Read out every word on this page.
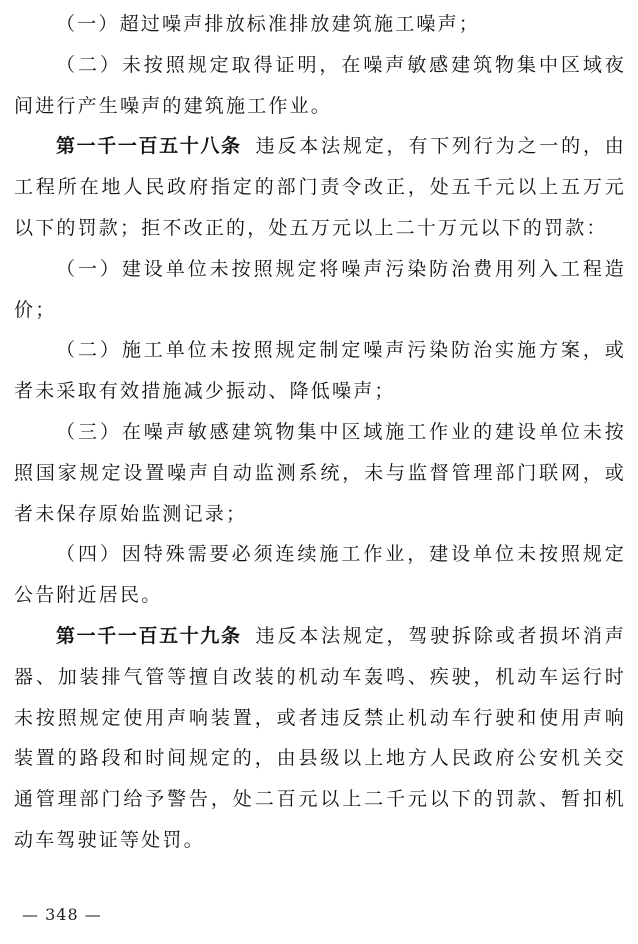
（一）超过噪声排放标准排放建筑施工噪声；

（二）未按照规定取得证明，在噪声敏感建筑物集中区域夜间进行产生噪声的建筑施工作业。

第一千一百五十八条 违反本法规定，有下列行为之一的，由工程所在地人民政府指定的部门责令改正，处五千元以上五万元以下的罚款；拒不改正的，处五万元以上二十万元以下的罚款：

（一）建设单位未按照规定将噪声污染防治费用列入工程造价；

（二）施工单位未按照规定制定噪声污染防治实施方案，或者未采取有效措施减少振动、降低噪声；

（三）在噪声敏感建筑物集中区域施工作业的建设单位未按照国家规定设置噪声自动监测系统，未与监督管理部门联网，或者未保存原始监测记录；

（四）因特殊需要必须连续施工作业，建设单位未按照规定公告附近居民。

第一千一百五十九条 违反本法规定，驾驶拆除或者损坏消声器、加装排气管等擅自改装的机动车轰鸣、疾驶，机动车运行时未按照规定使用声响装置，或者违反禁止机动车行驶和使用声响装置的路段和时间规定的，由县级以上地方人民政府公安机关交通管理部门给予警告，处二百元以上二千元以下的罚款、暂扣机动车驾驶证等处罚。

— 348 —
